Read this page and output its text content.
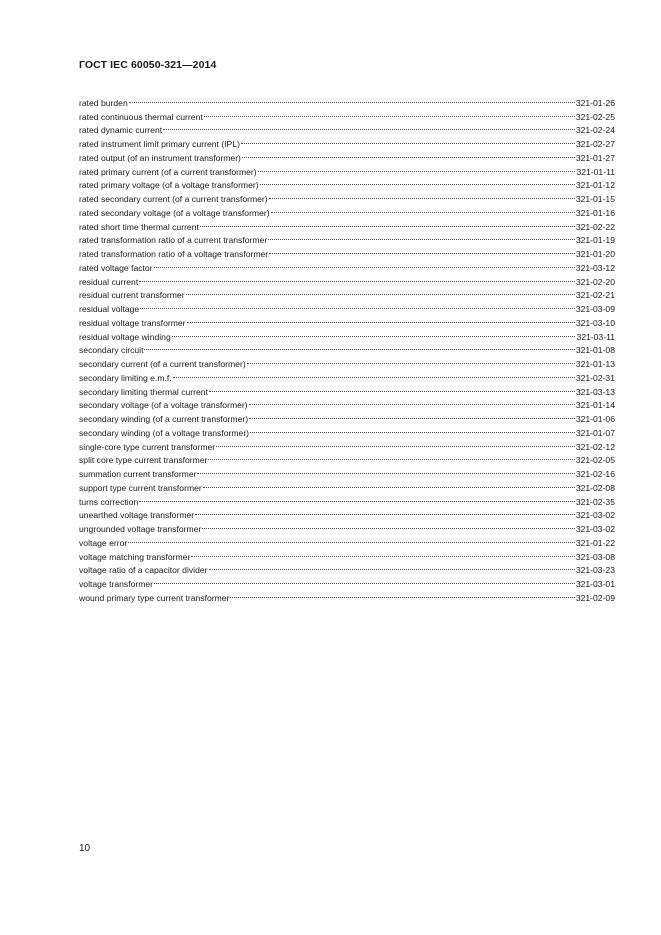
ГОСТ IEC 60050-321—2014
rated burden	321-01-26
rated continuous thermal current	321-02-25
rated dynamic current	321-02-24
rated instrument limit primary current (IPL)	321-02-27
rated output (of an instrument transformer)	321-01-27
rated primary current (of a current transformer)	321-01-11
rated primary voltage (of a voltage transformer)	321-01-12
rated secondary current (of a current transformer)	321-01-15
rated secondary voltage (of a voltage transformer)	321-01-16
rated short time thermal current	321-02-22
rated transformation ratio of a current transformer	321-01-19
rated transformation ratio of a voltage transformer	321-01-20
rated voltage factor	321-03-12
residual current	321-02-20
residual current transformer	321-02-21
residual voltage	321-03-09
residual voltage transformer	321-03-10
residual voltage winding	321-03-11
secondary circuit	321-01-08
secondary current (of a current transformer)	321-01-13
secondary limiting e.m.f.	321-02-31
secondary limiting thermal current	321-03-13
secondary voltage (of a voltage transformer)	321-01-14
secondary winding (of a current transformer)	321-01-06
secondary winding (of a voltage transformer)	321-01-07
single-core type current transformer	321-02-12
split core type current transformer	321-02-05
summation current transformer	321-02-16
support type current transformer	321-02-08
turns correction	321-02-35
unearthed voltage transformer	321-03-02
ungrounded voltage transformer	321-03-02
voltage error	321-01-22
voltage matching transformer	321-03-08
voltage ratio of a capacitor divider	321-03-23
voltage transformer	321-03-01
wound primary type current transformer	321-02-09
10
